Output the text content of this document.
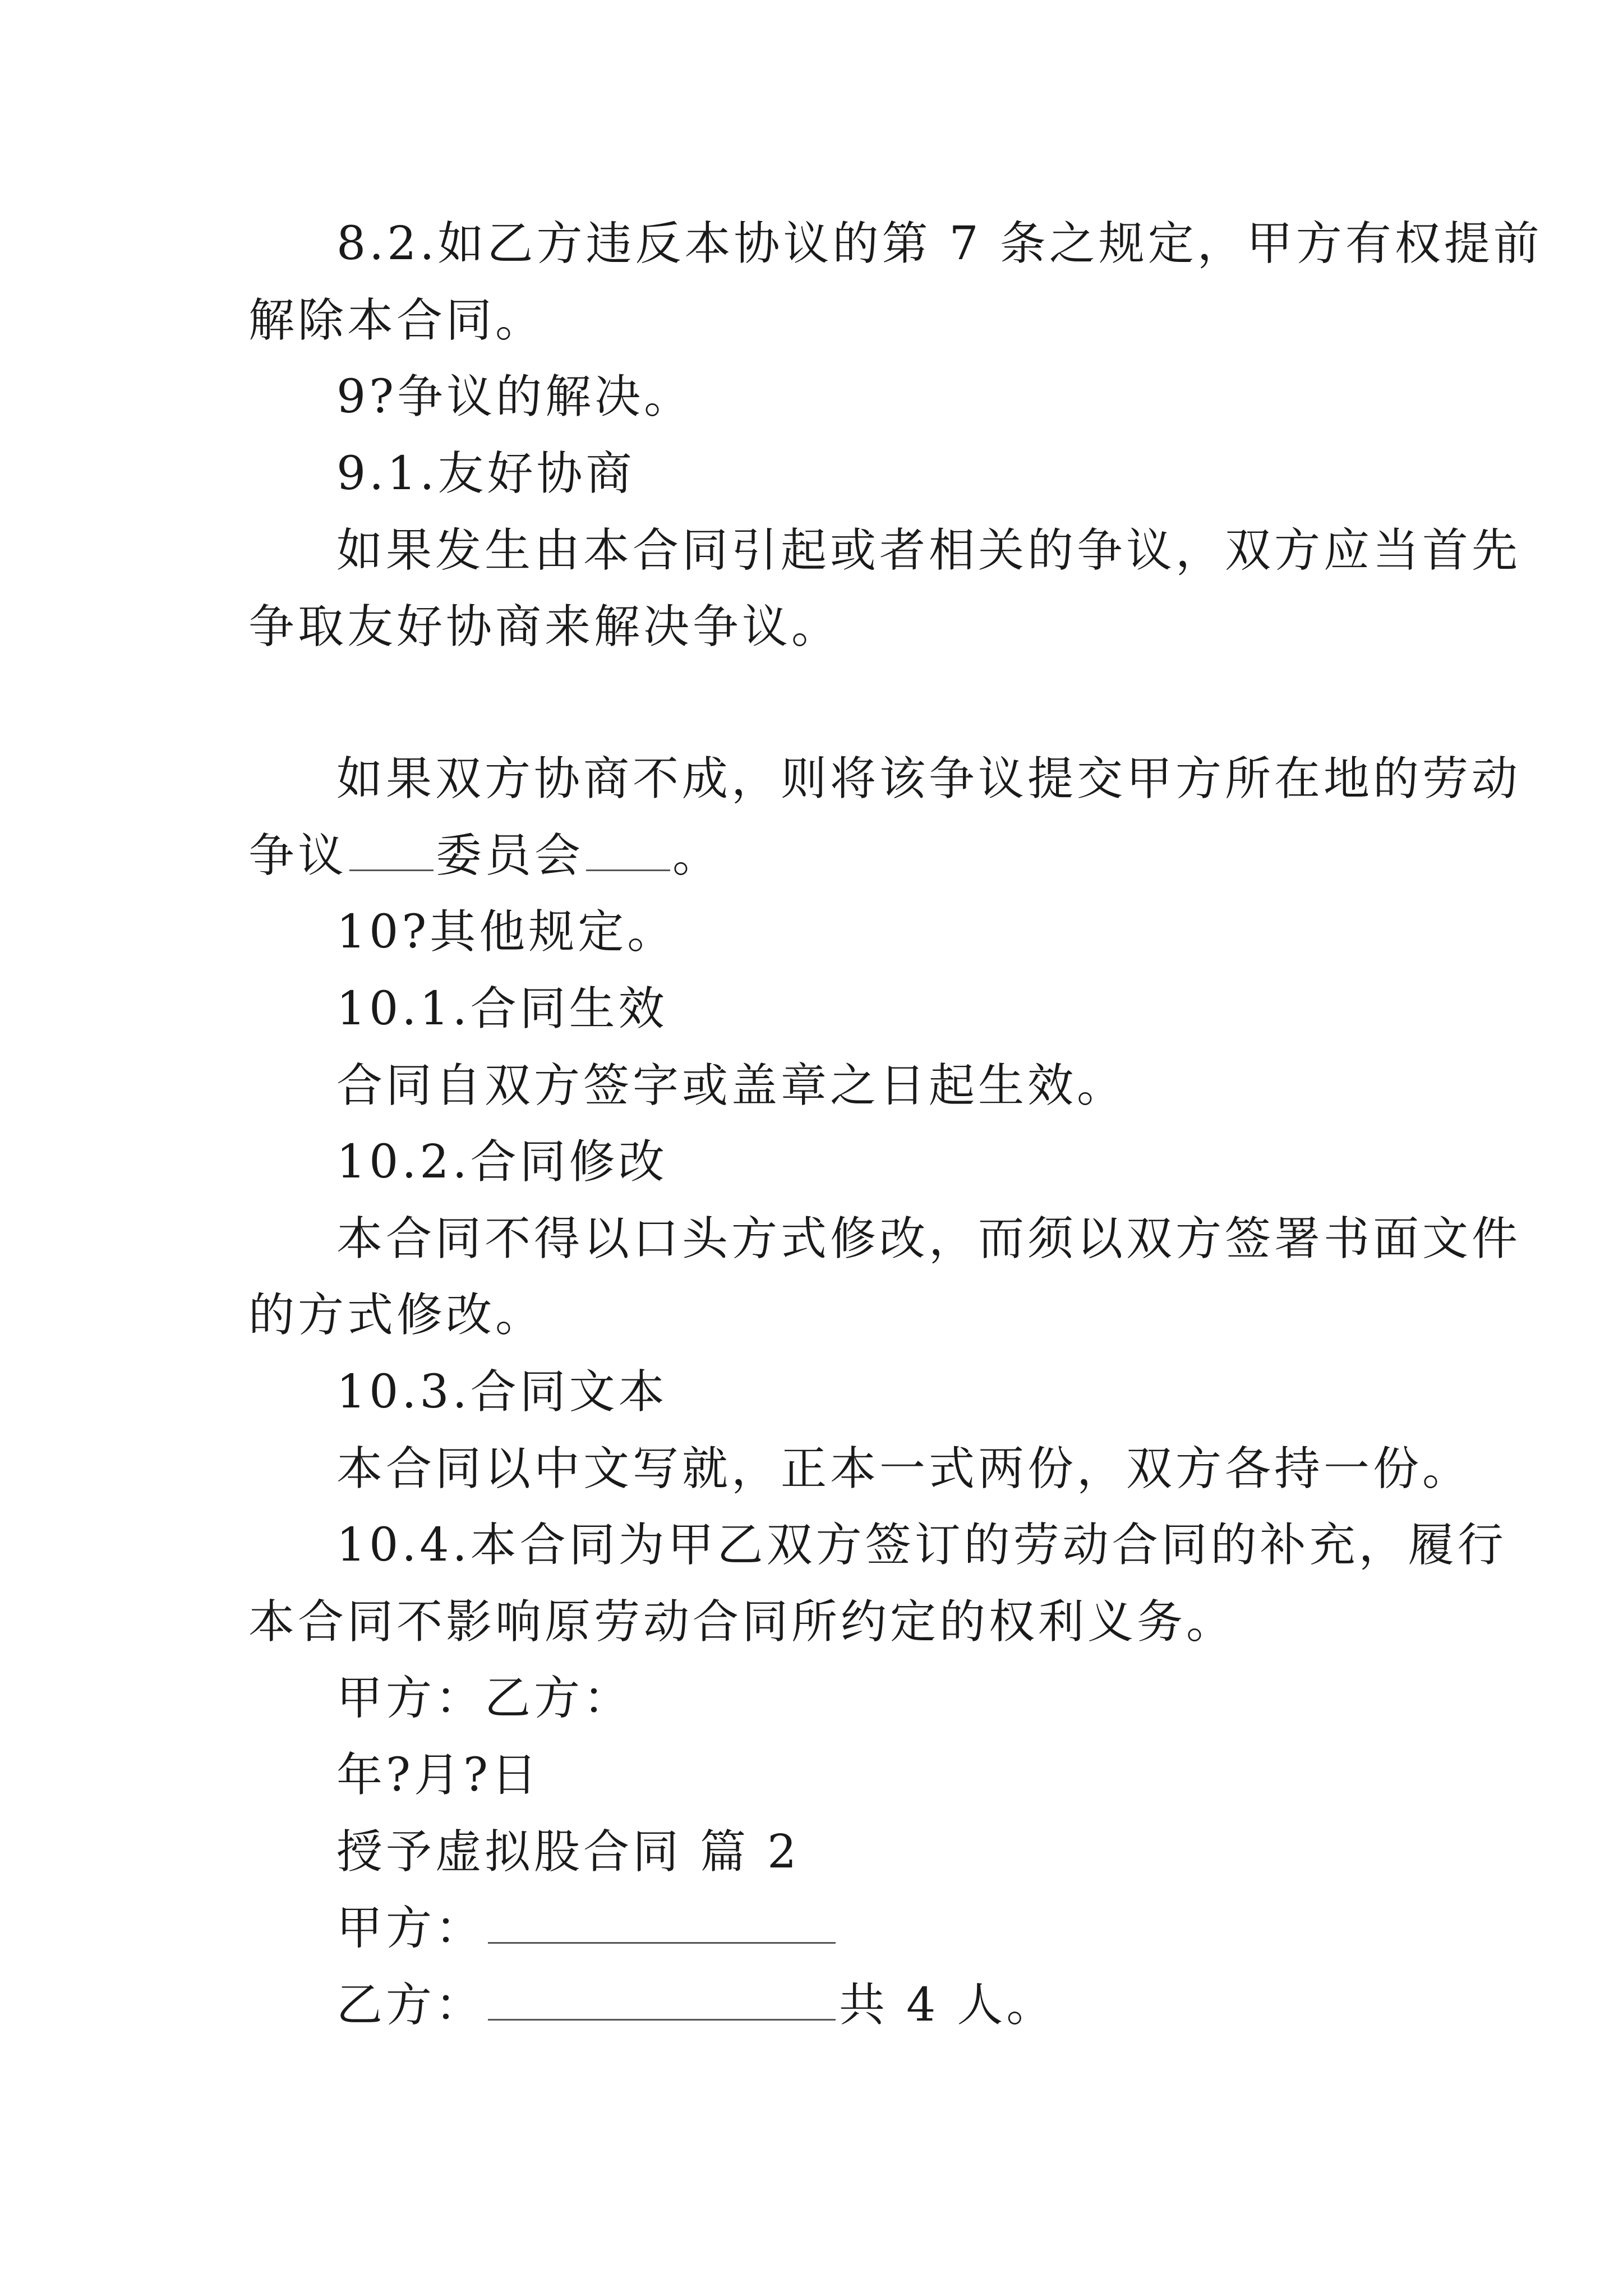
8.2.如乙方违反本协议的第 7 条之规定，甲方有权提前
解除本合同。
9?争议的解决。
9.1.友好协商
如果发生由本合同引起或者相关的争议，双方应当首先
争取友好协商来解决争议。
如果双方协商不成，则将该争议提交甲方所在地的劳动
争议 委员会 。
10?其他规定。
10.1.合同生效
合同自双方签字或盖章之日起生效。
10.2.合同修改
本合同不得以口头方式修改，而须以双方签署书面文件
的方式修改。
10.3.合同文本
本合同以中文写就，正本一式两份，双方各持一份。
10.4.本合同为甲乙双方签订的劳动合同的补充，履行
本合同不影响原劳动合同所约定的权利义务。
甲方：乙方：
年?月?日
授予虚拟股合同 篇 2
甲方：
乙方：	共 4 人。
